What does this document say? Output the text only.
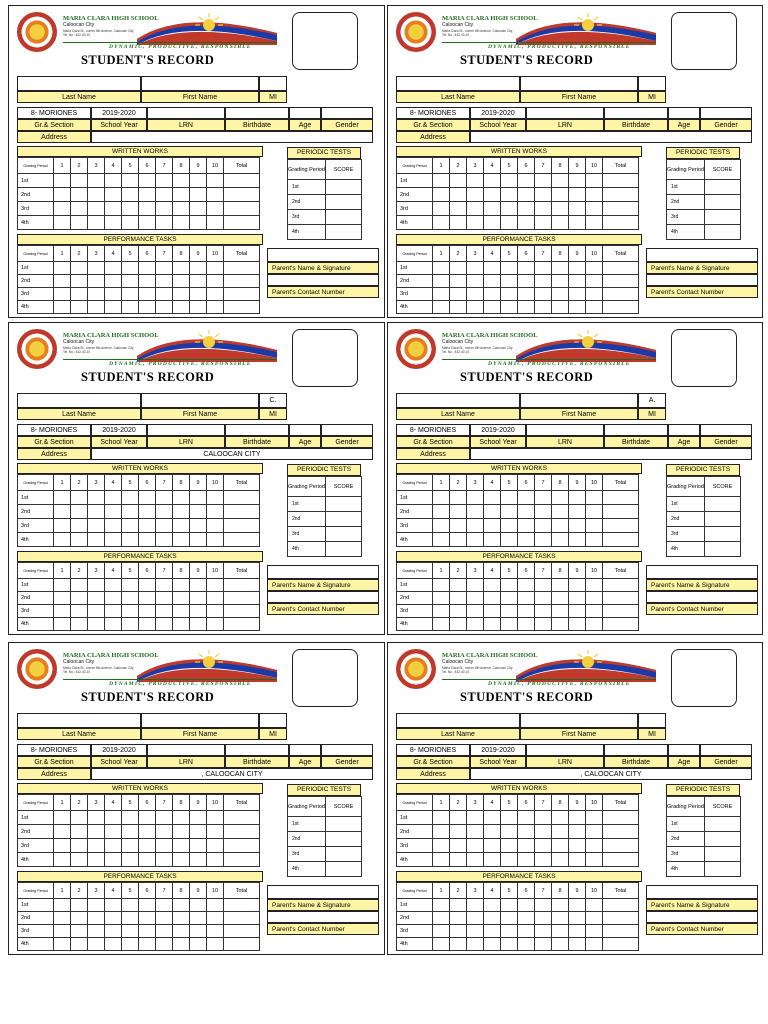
MARIA CLARA HIGH SCHOOL
Caloocan City
Maria Clara St., corner 8th Avenue, Caloocan City
Tel. No.: 442-40-10
DYNAMIC, PRODUCTIVE, RESPONSIBLE
STUDENT'S RECORD
Last Name	First Name	MI
8- MORIONES	2019-2020
Gr.& Section	School Year	LRN	Birthdate	Age	Gender
Address
WRITTEN WORKS
Grading Period	1	2	3	4	5	6	7	8	9	10	Total
1st											
2nd											
3rd											
4th											
PERIODIC TESTS
Grading Period	SCORE
1st	
2nd	
3rd	
4th	
PERFORMANCE TASKS
Grading Period	1	2	3	4	5	6	7	8	9	10	Total
1st											
2nd											
3rd											
4th											
Parent's Name & Signature
Parent's Contact Number
MARIA CLARA HIGH SCHOOL
Caloocan City
Maria Clara St., corner 8th Avenue, Caloocan City
Tel. No.: 442-40-10
DYNAMIC, PRODUCTIVE, RESPONSIBLE
STUDENT'S RECORD
Last Name	First Name	MI
8- MORIONES	2019-2020
Gr.& Section	School Year	LRN	Birthdate	Age	Gender
Address
WRITTEN WORKS
Grading Period	1	2	3	4	5	6	7	8	9	10	Total
1st											
2nd											
3rd											
4th											
PERIODIC TESTS
Grading Period	SCORE
1st	
2nd	
3rd	
4th	
PERFORMANCE TASKS
Grading Period	1	2	3	4	5	6	7	8	9	10	Total
1st											
2nd											
3rd											
4th											
Parent's Name & Signature
Parent's Contact Number
MARIA CLARA HIGH SCHOOL
Caloocan City
Maria Clara St., corner 8th Avenue, Caloocan City
Tel. No.: 442-40-10
DYNAMIC, PRODUCTIVE, RESPONSIBLE
STUDENT'S RECORD
C.
Last Name	First Name	MI
8- MORIONES	2019-2020
Gr.& Section	School Year	LRN	Birthdate	Age	Gender
Address	CALOOCAN CITY
WRITTEN WORKS
Grading Period	1	2	3	4	5	6	7	8	9	10	Total
1st											
2nd											
3rd											
4th											
PERIODIC TESTS
Grading Period	SCORE
1st	
2nd	
3rd	
4th	
PERFORMANCE TASKS
Grading Period	1	2	3	4	5	6	7	8	9	10	Total
1st											
2nd											
3rd											
4th											
Parent's Name & Signature
Parent's Contact Number
MARIA CLARA HIGH SCHOOL
Caloocan City
Maria Clara St., corner 8th Avenue, Caloocan City
Tel. No.: 442-40-10
DYNAMIC, PRODUCTIVE, RESPONSIBLE
STUDENT'S RECORD
A.
Last Name	First Name	MI
8- MORIONES	2019-2020
Gr.& Section	School Year	LRN	Birthdate	Age	Gender
Address
WRITTEN WORKS
Grading Period	1	2	3	4	5	6	7	8	9	10	Total
1st											
2nd											
3rd											
4th											
PERIODIC TESTS
Grading Period	SCORE
1st	
2nd	
3rd	
4th	
PERFORMANCE TASKS
Grading Period	1	2	3	4	5	6	7	8	9	10	Total
1st											
2nd											
3rd											
4th											
Parent's Name & Signature
Parent's Contact Number
MARIA CLARA HIGH SCHOOL
Caloocan City
Maria Clara St., corner 8th Avenue, Caloocan City
Tel. No.: 442-40-10
DYNAMIC, PRODUCTIVE, RESPONSIBLE
STUDENT'S RECORD
Last Name	First Name	MI
8- MORIONES	2019-2020
Gr.& Section	School Year	LRN	Birthdate	Age	Gender
Address	, CALOOCAN CITY
WRITTEN WORKS
Grading Period	1	2	3	4	5	6	7	8	9	10	Total
1st											
2nd											
3rd											
4th											
PERIODIC TESTS
Grading Period	SCORE
1st	
2nd	
3rd	
4th	
PERFORMANCE TASKS
Grading Period	1	2	3	4	5	6	7	8	9	10	Total
1st											
2nd											
3rd											
4th											
Parent's Name & Signature
Parent's Contact Number
MARIA CLARA HIGH SCHOOL
Caloocan City
Maria Clara St., corner 8th Avenue, Caloocan City
Tel. No.: 442-40-10
DYNAMIC, PRODUCTIVE, RESPONSIBLE
STUDENT'S RECORD
Last Name	First Name	MI
8- MORIONES	2019-2020
Gr.& Section	School Year	LRN	Birthdate	Age	Gender
Address	, CALOOCAN CITY
WRITTEN WORKS
Grading Period	1	2	3	4	5	6	7	8	9	10	Total
1st											
2nd											
3rd											
4th											
PERIODIC TESTS
Grading Period	SCORE
1st	
2nd	
3rd	
4th	
PERFORMANCE TASKS
Grading Period	1	2	3	4	5	6	7	8	9	10	Total
1st											
2nd											
3rd											
4th											
Parent's Name & Signature
Parent's Contact Number
